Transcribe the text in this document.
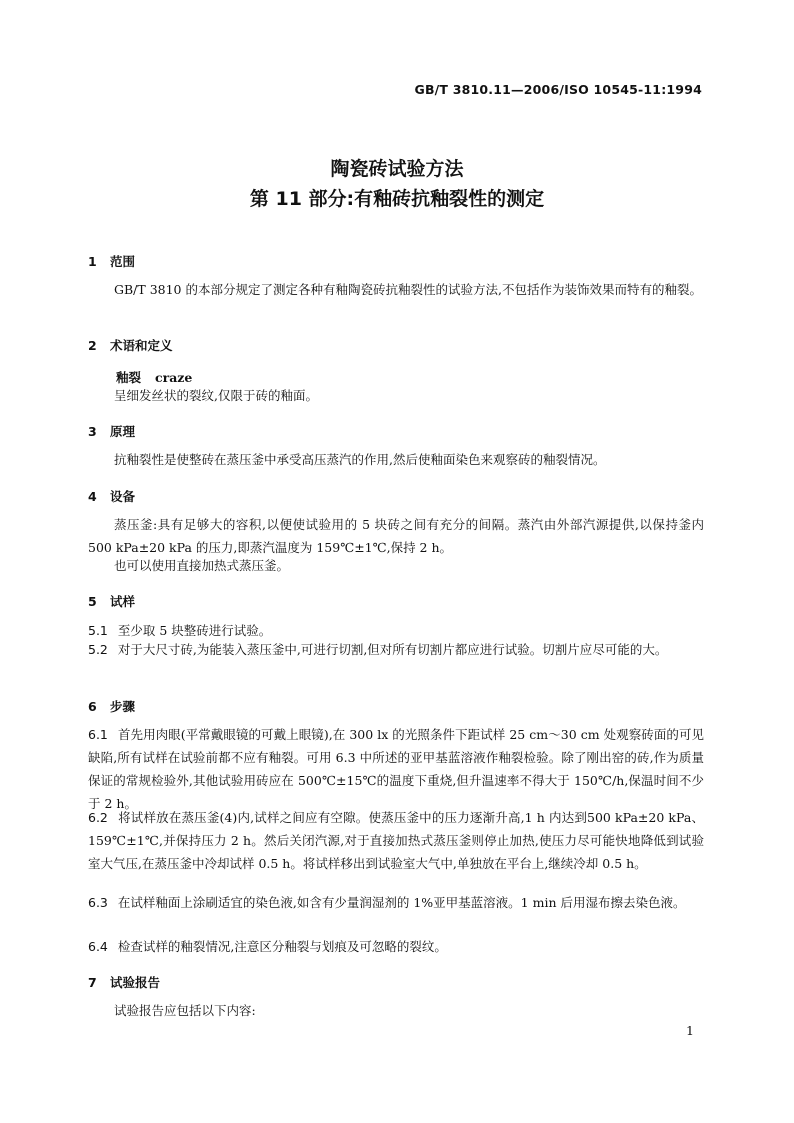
GB/T 3810.11—2006/ISO 10545-11:1994
陶瓷砖试验方法
第 11 部分:有釉砖抗釉裂性的测定
1 范围

GB/T 3810 的本部分规定了测定各种有釉陶瓷砖抗釉裂性的试验方法,不包括作为装饰效果而特有的釉裂。

2 术语和定义
釉裂 craze

呈细发丝状的裂纹,仅限于砖的釉面。

3 原理

抗釉裂性是使整砖在蒸压釜中承受高压蒸汽的作用,然后使釉面染色来观察砖的釉裂情况。

4 设备

蒸压釜:具有足够大的容积,以便使试验用的 5 块砖之间有充分的间隔。蒸汽由外部汽源提供,以保持釜内 500 kPa±20 kPa 的压力,即蒸汽温度为 159℃±1℃,保持 2 h。

也可以使用直接加热式蒸压釜。

5 试样

5.1 至少取 5 块整砖进行试验。

5.2 对于大尺寸砖,为能装入蒸压釜中,可进行切割,但对所有切割片都应进行试验。切割片应尽可能的大。

6 步骤

6.1 首先用肉眼(平常戴眼镜的可戴上眼镜),在 300 lx 的光照条件下距试样 25 cm～30 cm 处观察砖面的可见缺陷,所有试样在试验前都不应有釉裂。可用 6.3 中所述的亚甲基蓝溶液作釉裂检验。除了刚出窑的砖,作为质量保证的常规检验外,其他试验用砖应在 500℃±15℃的温度下重烧,但升温速率不得大于 150℃/h,保温时间不少于 2 h。

6.2 将试样放在蒸压釜(4)内,试样之间应有空隙。使蒸压釜中的压力逐渐升高,1 h 内达到500 kPa±20 kPa、159℃±1℃,并保持压力 2 h。然后关闭汽源,对于直接加热式蒸压釜则停止加热,使压力尽可能快地降低到试验室大气压,在蒸压釜中冷却试样 0.5 h。将试样移出到试验室大气中,单独放在平台上,继续冷却 0.5 h。

6.3 在试样釉面上涂刷适宜的染色液,如含有少量润湿剂的 1%亚甲基蓝溶液。1 min 后用湿布擦去染色液。

6.4 检查试样的釉裂情况,注意区分釉裂与划痕及可忽略的裂纹。

7 试验报告

试验报告应包括以下内容:

1
